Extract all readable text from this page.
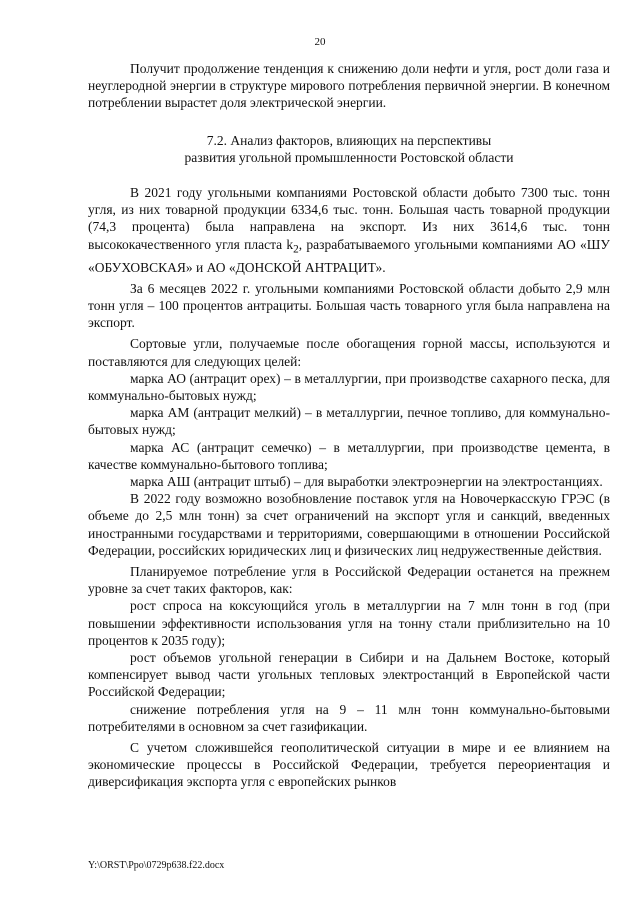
20

Получит продолжение тенденция к снижению доли нефти и угля, рост доли газа и неуглеродной энергии в структуре мирового потребления первичной энергии. В конечном потреблении вырастет доля электрической энергии.

7.2. Анализ факторов, влияющих на перспективы
развития угольной промышленности Ростовской области

В 2021 году угольными компаниями Ростовской области добыто 7300 тыс. тонн угля, из них товарной продукции 6334,6 тыс. тонн. Большая часть товарной продукции (74,3 процента) была направлена на экспорт. Из них 3614,6 тыс. тонн высококачественного угля пласта $k_2$, разрабатываемого угольными компаниями АО «ШУ «ОБУХОВСКАЯ» и АО «ДОНСКОЙ АНТРАЦИТ».

За 6 месяцев 2022 г. угольными компаниями Ростовской области добыто 2,9 млн тонн угля – 100 процентов антрациты. Большая часть товарного угля была направлена на экспорт.

Сортовые угли, получаемые после обогащения горной массы, используются и поставляются для следующих целей:

марка АО (антрацит орех) – в металлургии, при производстве сахарного песка, для коммунально-бытовых нужд;

марка АМ (антрацит мелкий) – в металлургии, печное топливо, для коммунально-бытовых нужд;

марка АС (антрацит семечко) – в металлургии, при производстве цемента, в качестве коммунально-бытового топлива;

марка АШ (антрацит штыб) – для выработки электроэнергии на электростанциях.

В 2022 году возможно возобновление поставок угля на Новочеркасскую ГРЭС (в объеме до 2,5 млн тонн) за счет ограничений на экспорт угля и санкций, введенных иностранными государствами и территориями, совершающими в отношении Российской Федерации, российских юридических лиц и физических лиц недружественные действия.

Планируемое потребление угля в Российской Федерации останется на прежнем уровне за счет таких факторов, как:

рост спроса на коксующийся уголь в металлургии на 7 млн тонн в год (при повышении эффективности использования угля на тонну стали приблизительно на 10 процентов к 2035 году);

рост объемов угольной генерации в Сибири и на Дальнем Востоке, который компенсирует вывод части угольных тепловых электростанций в Европейской части Российской Федерации;

снижение потребления угля на 9 – 11 млн тонн коммунально-бытовыми потребителями в основном за счет газификации.

С учетом сложившейся геополитической ситуации в мире и ее влиянием на экономические процессы в Российской Федерации, требуется переориентация и диверсификация экспорта угля с европейских рынков

Y:\ORST\Ppo\0729p638.f22.docx
